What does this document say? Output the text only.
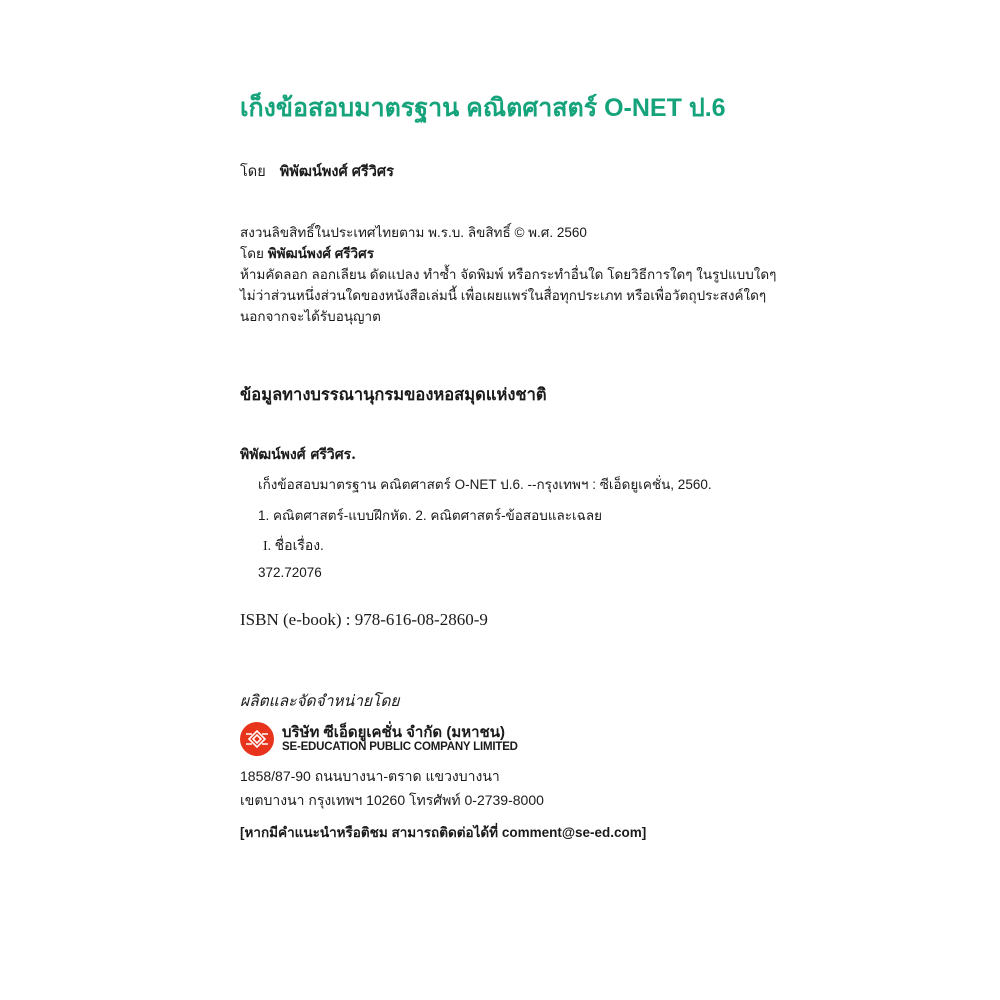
เก็งข้อสอบมาตรฐาน คณิตศาสตร์ O-NET ป.6
โดย พิพัฒน์พงศ์ ศรีวิศร
สงวนลิขสิทธิ์ในประเทศไทยตาม พ.ร.บ. ลิขสิทธิ์ © พ.ศ. 2560
โดย พิพัฒน์พงศ์ ศรีวิศร
ห้ามคัดลอก ลอกเลียน ดัดแปลง ทำซ้ำ จัดพิมพ์ หรือกระทำอื่นใด โดยวิธีการใดๆ ในรูปแบบใดๆ
ไม่ว่าส่วนหนึ่งส่วนใดของหนังสือเล่มนี้ เพื่อเผยแพร่ในสื่อทุกประเภท หรือเพื่อวัตถุประสงค์ใดๆ
นอกจากจะได้รับอนุญาต
ข้อมูลทางบรรณานุกรมของหอสมุดแห่งชาติ
พิพัฒน์พงศ์ ศรีวิศร.
เก็งข้อสอบมาตรฐาน คณิตศาสตร์ O-NET ป.6. --กรุงเทพฯ : ซีเอ็ดยูเคชั่น, 2560.
1. คณิตศาสตร์-แบบฝึกหัด. 2. คณิตศาสตร์-ข้อสอบและเฉลย
I. ชื่อเรื่อง.
372.72076
ISBN (e-book) : 978-616-08-2860-9
ผลิตและจัดจำหน่ายโดย
บริษัท ซีเอ็ดยูเคชั่น จำกัด (มหาชน)
SE-EDUCATION PUBLIC COMPANY LIMITED
1858/87-90 ถนนบางนา-ตราด แขวงบางนา
เขตบางนา กรุงเทพฯ 10260 โทรศัพท์ 0-2739-8000
[หากมีคำแนะนำหรือติชม สามารถติดต่อได้ที่ comment@se-ed.com]
